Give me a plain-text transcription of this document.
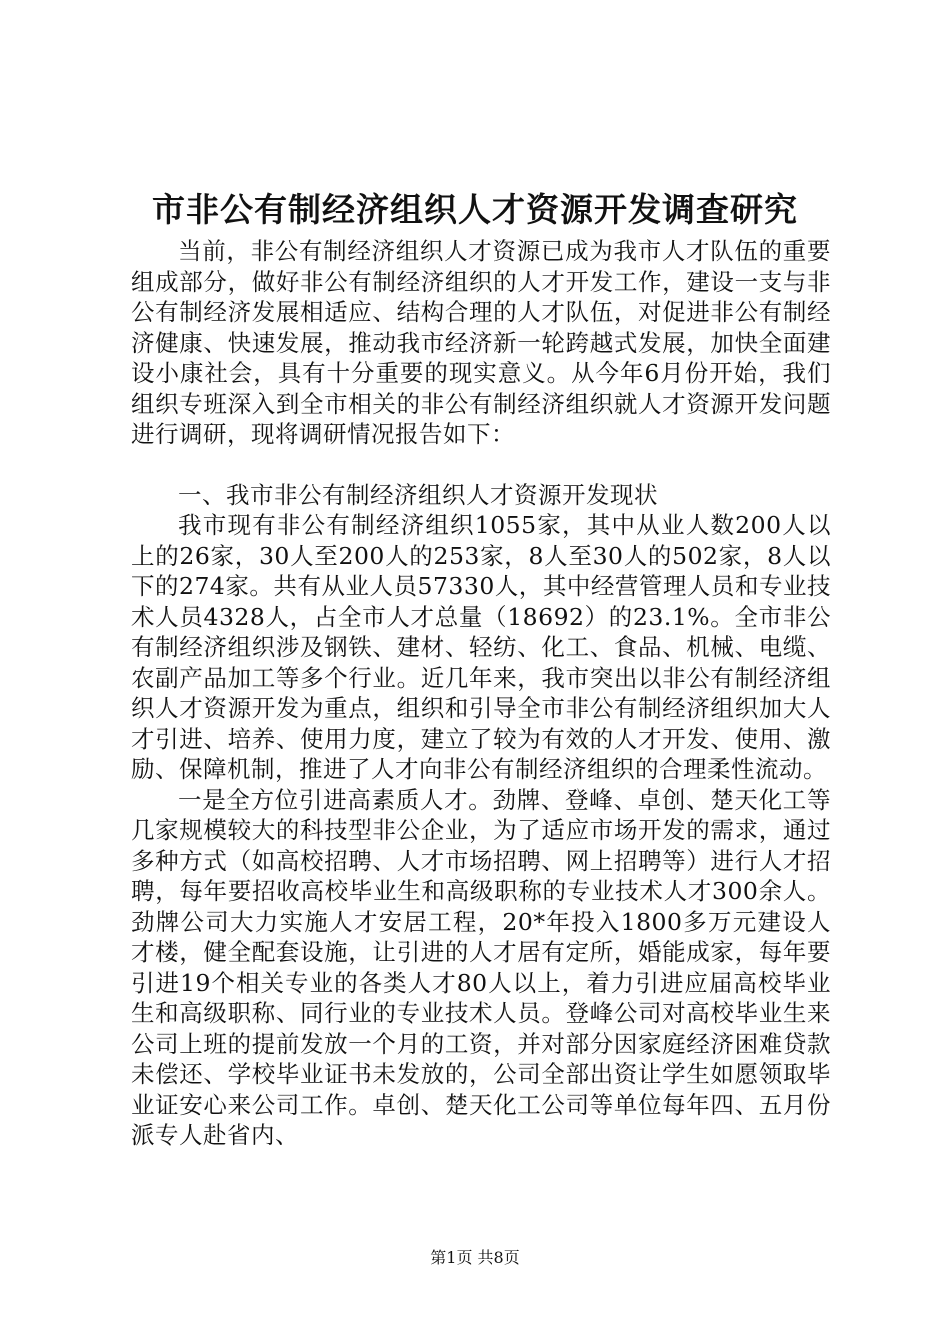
市非公有制经济组织人才资源开发调查研究

当前，非公有制经济组织人才资源已成为我市人才队伍的重要组成部分，做好非公有制经济组织的人才开发工作，建设一支与非公有制经济发展相适应、结构合理的人才队伍，对促进非公有制经济健康、快速发展，推动我市经济新一轮跨越式发展，加快全面建设小康社会，具有十分重要的现实意义。从今年6月份开始，我们组织专班深入到全市相关的非公有制经济组织就人才资源开发问题进行调研，现将调研情况报告如下：

一、我市非公有制经济组织人才资源开发现状

我市现有非公有制经济组织1055家，其中从业人数200人以上的26家，30人至200人的253家，8人至30人的502家，8人以下的274家。共有从业人员57330人，其中经营管理人员和专业技术人员4328人，占全市人才总量（18692）的23.1%。全市非公有制经济组织涉及钢铁、建材、轻纺、化工、食品、机械、电缆、农副产品加工等多个行业。近几年来，我市突出以非公有制经济组织人才资源开发为重点，组织和引导全市非公有制经济组织加大人才引进、培养、使用力度，建立了较为有效的人才开发、使用、激励、保障机制，推进了人才向非公有制经济组织的合理柔性流动。

一是全方位引进高素质人才。劲牌、登峰、卓创、楚天化工等几家规模较大的科技型非公企业，为了适应市场开发的需求，通过多种方式（如高校招聘、人才市场招聘、网上招聘等）进行人才招聘，每年要招收高校毕业生和高级职称的专业技术人才300余人。劲牌公司大力实施人才安居工程，20*年投入1800多万元建设人才楼，健全配套设施，让引进的人才居有定所，婚能成家，每年要引进19个相关专业的各类人才80人以上，着力引进应届高校毕业生和高级职称、同行业的专业技术人员。登峰公司对高校毕业生来公司上班的提前发放一个月的工资，并对部分因家庭经济困难贷款未偿还、学校毕业证书未发放的，公司全部出资让学生如愿领取毕业证安心来公司工作。卓创、楚天化工公司等单位每年四、五月份派专人赴省内、

第1页 共8页
